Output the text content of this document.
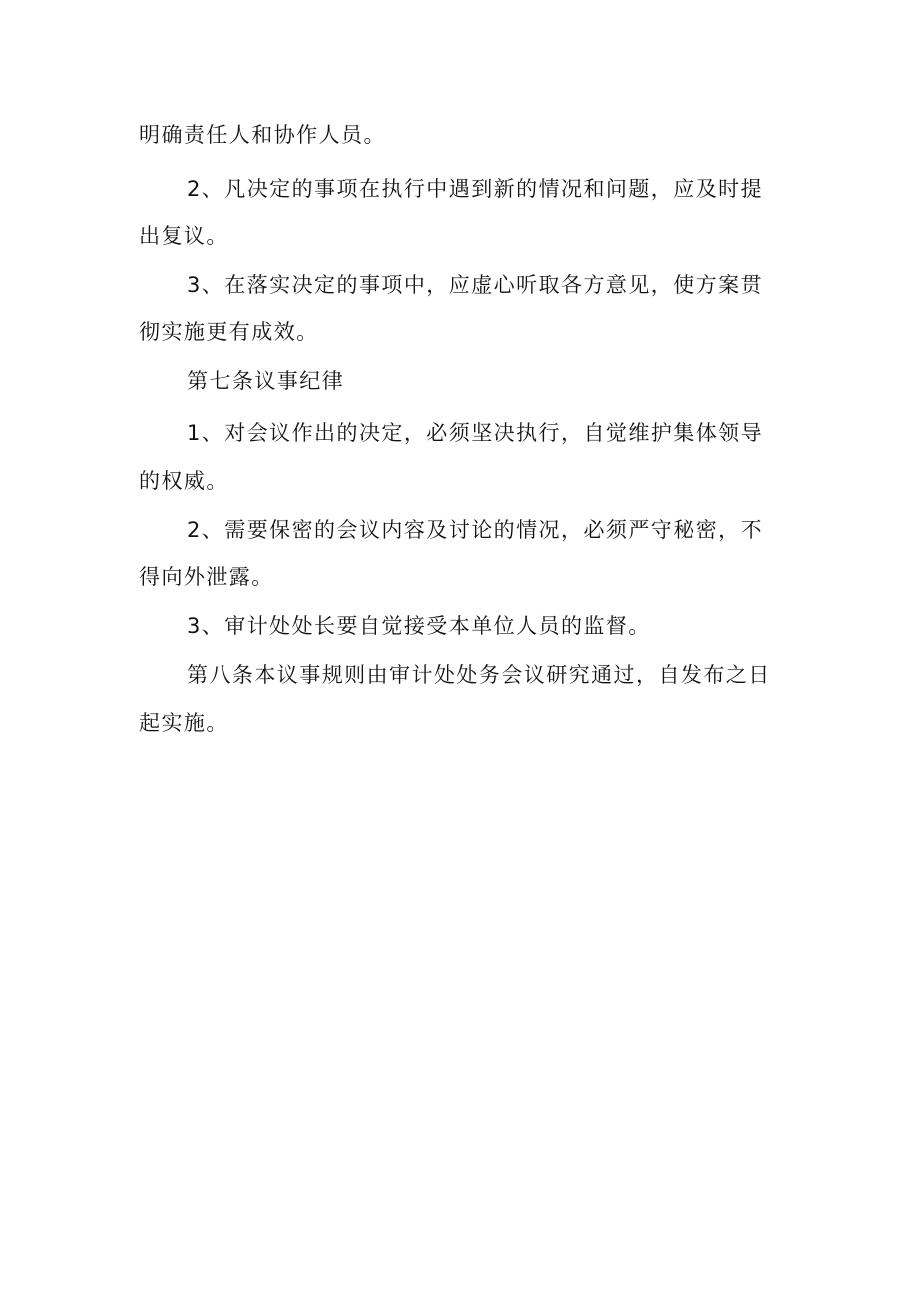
明确责任人和协作人员。
2、凡决定的事项在执行中遇到新的情况和问题，应及时提
出复议。
3、在落实决定的事项中，应虚心听取各方意见，使方案贯
彻实施更有成效。
第七条议事纪律
1、对会议作出的决定，必须坚决执行，自觉维护集体领导
的权威。
2、需要保密的会议内容及讨论的情况，必须严守秘密，不
得向外泄露。
3、审计处处长要自觉接受本单位人员的监督。
第八条本议事规则由审计处处务会议研究通过，自发布之日
起实施。
